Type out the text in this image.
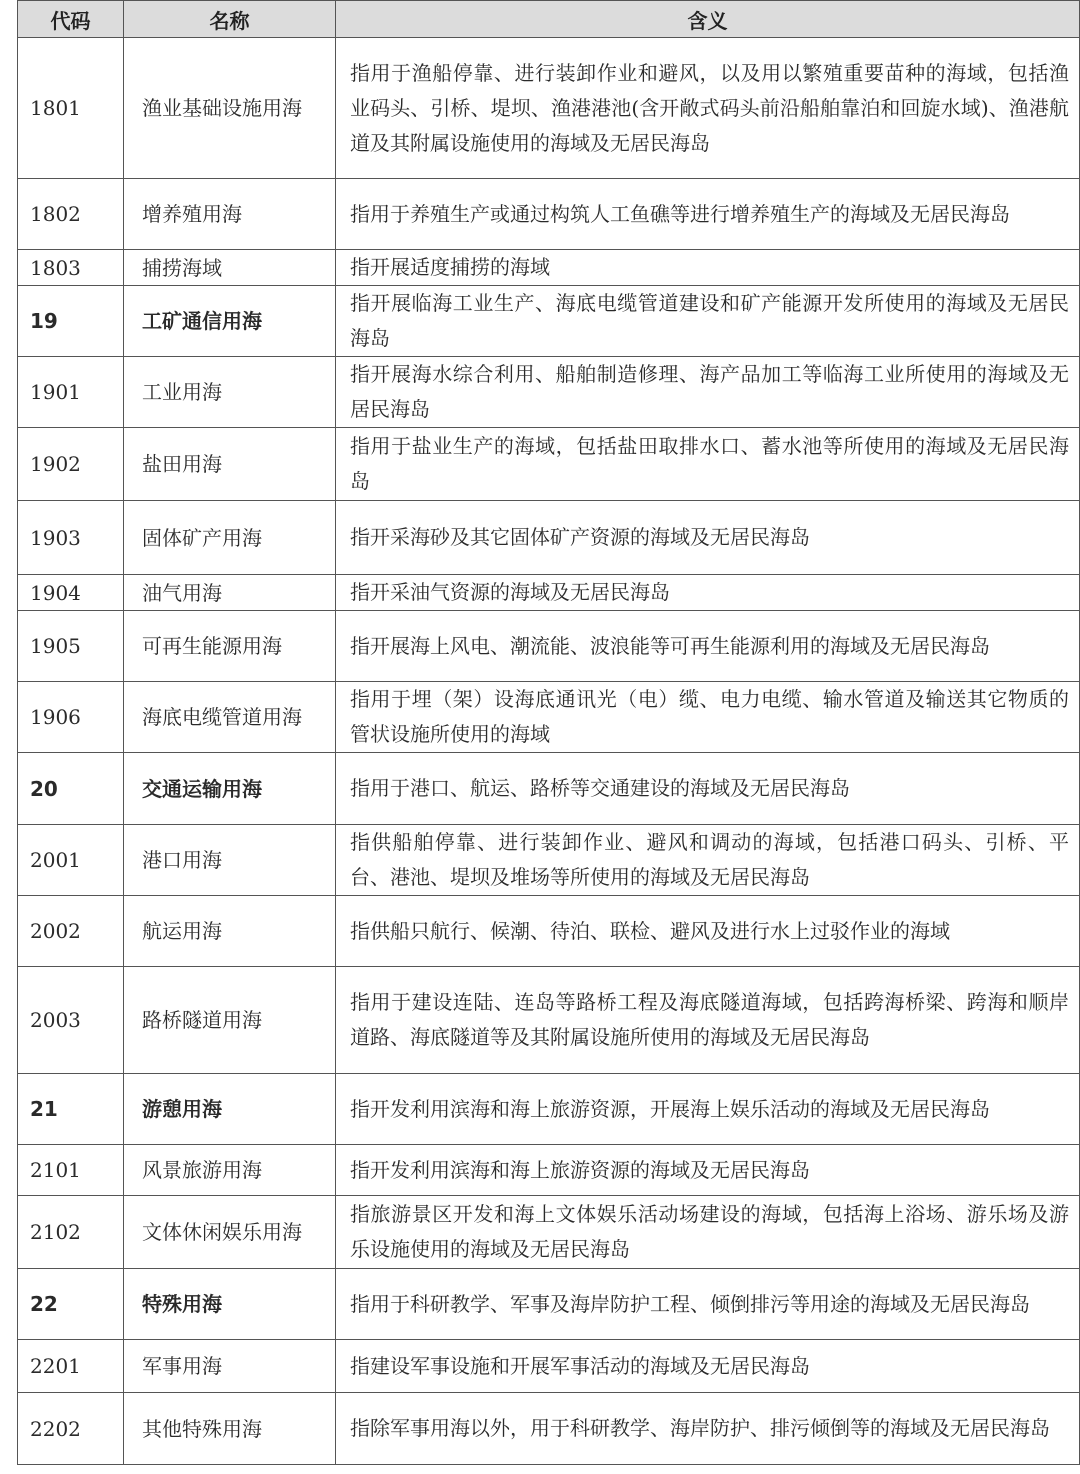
代码	名称	含义
1801	渔业基础设施用海	指用于渔船停靠、进行装卸作业和避风，以及用以繁殖重要苗种的海域，包括渔业码头、引桥、堤坝、渔港港池(含开敞式码头前沿船舶靠泊和回旋水域)、渔港航道及其附属设施使用的海域及无居民海岛
1802	增养殖用海	指用于养殖生产或通过构筑人工鱼礁等进行增养殖生产的海域及无居民海岛
1803	捕捞海域	指开展适度捕捞的海域
19	工矿通信用海	指开展临海工业生产、海底电缆管道建设和矿产能源开发所使用的海域及无居民海岛
1901	工业用海	指开展海水综合利用、船舶制造修理、海产品加工等临海工业所使用的海域及无居民海岛
1902	盐田用海	指用于盐业生产的海域，包括盐田取排水口、蓄水池等所使用的海域及无居民海岛
1903	固体矿产用海	指开采海砂及其它固体矿产资源的海域及无居民海岛
1904	油气用海	指开采油气资源的海域及无居民海岛
1905	可再生能源用海	指开展海上风电、潮流能、波浪能等可再生能源利用的海域及无居民海岛
1906	海底电缆管道用海	指用于埋（架）设海底通讯光（电）缆、电力电缆、输水管道及输送其它物质的管状设施所使用的海域
20	交通运输用海	指用于港口、航运、路桥等交通建设的海域及无居民海岛
2001	港口用海	指供船舶停靠、进行装卸作业、避风和调动的海域，包括港口码头、引桥、平台、港池、堤坝及堆场等所使用的海域及无居民海岛
2002	航运用海	指供船只航行、候潮、待泊、联检、避风及进行水上过驳作业的海域
2003	路桥隧道用海	指用于建设连陆、连岛等路桥工程及海底隧道海域，包括跨海桥梁、跨海和顺岸道路、海底隧道等及其附属设施所使用的海域及无居民海岛
21	游憩用海	指开发利用滨海和海上旅游资源，开展海上娱乐活动的海域及无居民海岛
2101	风景旅游用海	指开发利用滨海和海上旅游资源的海域及无居民海岛
2102	文体休闲娱乐用海	指旅游景区开发和海上文体娱乐活动场建设的海域，包括海上浴场、游乐场及游乐设施使用的海域及无居民海岛
22	特殊用海	指用于科研教学、军事及海岸防护工程、倾倒排污等用途的海域及无居民海岛
2201	军事用海	指建设军事设施和开展军事活动的海域及无居民海岛
2202	其他特殊用海	指除军事用海以外，用于科研教学、海岸防护、排污倾倒等的海域及无居民海岛
